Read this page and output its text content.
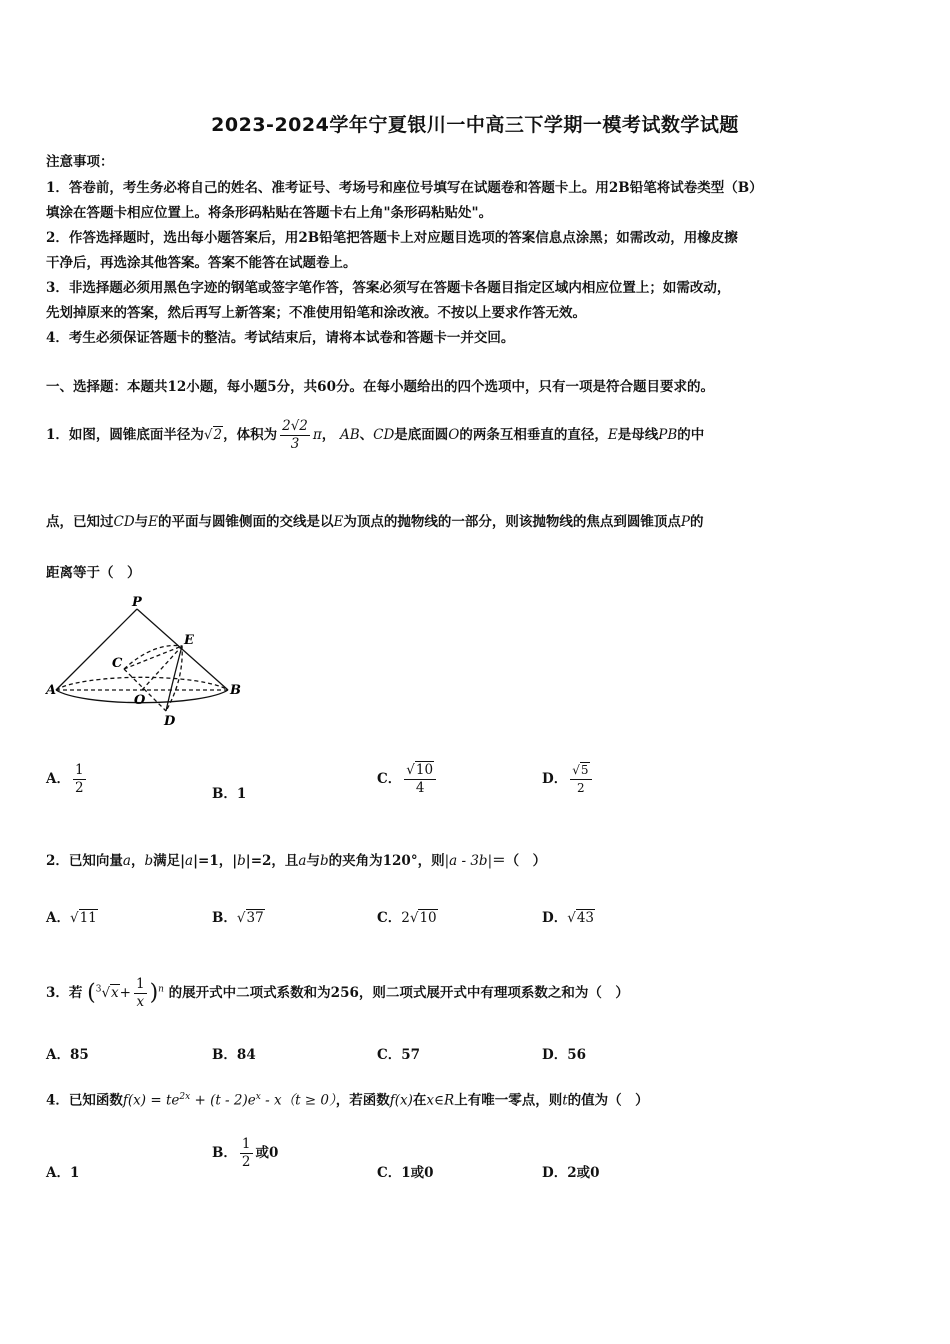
2023-2024学年宁夏银川一中高三下学期一模考试数学试题
注意事项：
1．答卷前，考生务必将自己的姓名、准考证号、考场号和座位号填写在试题卷和答题卡上。用2B铅笔将试卷类型（B）
填涂在答题卡相应位置上。将条形码粘贴在答题卡右上角"条形码粘贴处"。
2．作答选择题时，选出每小题答案后，用2B铅笔把答题卡上对应题目选项的答案信息点涂黑；如需改动，用橡皮擦
干净后，再选涂其他答案。答案不能答在试题卷上。
3．非选择题必须用黑色字迹的钢笔或签字笔作答，答案必须写在答题卡各题目指定区域内相应位置上；如需改动，
先划掉原来的答案，然后再写上新答案；不准使用铅笔和涂改液。不按以上要求作答无效。
4．考生必须保证答题卡的整洁。考试结束后，请将本试卷和答题卡一并交回。
一、选择题：本题共12小题，每小题5分，共60分。在每小题给出的四个选项中，只有一项是符合题目要求的。
1．如图，圆锥底面半径为√2，体积为 $\frac{2√2}{3}$ π， AB、CD是底面圆O的两条互相垂直的直径，E是母线PB的中
点，已知过CD与E的平面与圆锥侧面的交线是以E为顶点的抛物线的一部分，则该抛物线的焦点到圆锥顶点P的
距离等于（　）
P
E
C
A	B
O
D
A． $\frac{1}{2}$	B．1
C． $\frac{√10}{4}$	D． $\frac{√5}{2}$
2．已知向量a，b满足|a|=1，|b|=2，且a与b的夹角为120°，则|a - 3b|＝（　）
A．√11	B．√37	C．2√10	D．√43
3．若 $(^3√x+ \frac{1}{x} )^n$ 的展开式中二项式系数和为256，则二项式展开式中有理项系数之和为（　）
A．85	B．84	C．57	D．56
4．已知函数$f(x) = te^{2x} + (t - 2)e^x - x(t \ge 0)$，若函数f(x)在x∈R上有唯一零点，则t的值为（　）
A．1
B． $\frac{1}{2}$ 或0
C．1或0	D．2或0
